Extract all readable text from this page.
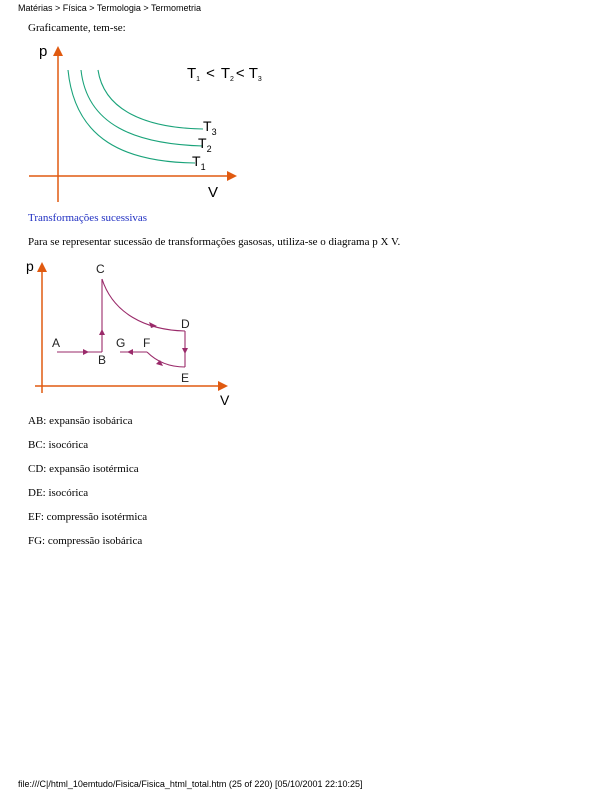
Matérias > Física > Termologia > Termometria
Graficamente, tem-se:
p
V
$T_1 < T_2 < T_3$
$T_3$
$T_2$
$T_1$
Transformações sucessivas
Para se representar sucessão de transformações gasosas, utiliza-se o diagrama p X V.
p
V
A
B
C
D
E
F
G
AB: expansão isobárica
BC: isocórica
CD: expansão isotérmica
DE: isocórica
EF: compressão isotérmica
FG: compressão isobárica
file:///C|/html_10emtudo/Fisica/Fisica_html_total.htm (25 of 220) [05/10/2001 22:10:25]
